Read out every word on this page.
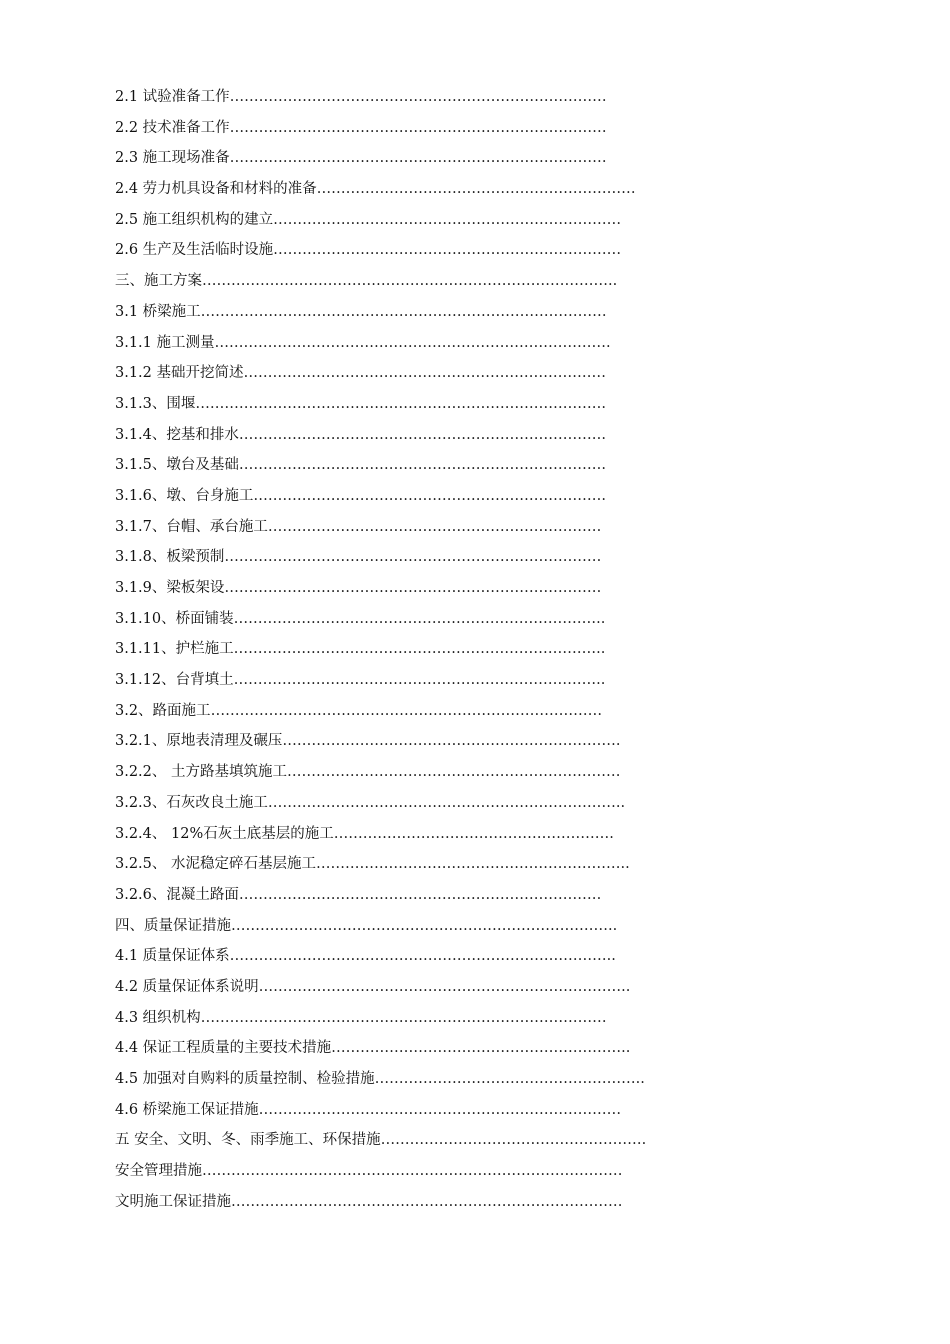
2.1 试验准备工作……………………………………………………………………
2.2 技术准备工作……………………………………………………………………
2.3 施工现场准备……………………………………………………………………
2.4 劳力机具设备和材料的准备…………………………………………………………
2.5 施工组织机构的建立………………………………………………………………
2.6 生产及生活临时设施………………………………………………………………
三、施工方案…………………………………………………………………………..
3.1 桥梁施工…………………………………………………………………………
3.1.1 施工测量……………………………………………………………………….
3.1.2 基础开挖简述…………………………………………………………………
3.1.3、围堰………………………………………………………………………….
3.1.4、挖基和排水………………………………………………………………….
3.1.5、墩台及基础………………………………………………………………….
3.1.6、墩、台身施工……………………………………………………………….
3.1.7、台帽、承台施工……………………………………………………………
3.1.8、板梁预制……………………………………………………………………
3.1.9、梁板架设……………………………………………………………………
3.1.10、桥面铺装…………………………………………………………………..
3.1.11、护栏施工…………………………………………………………………..
3.1.12、台背填土…………………………………………………………………..
3.2、路面施工………………………………………………………………………
3.2.1、原地表清理及碾压…………………………………………………………….
3.2.2、 土方路基填筑施工……………………………………………………………
3.2.3、石灰改良土施工………………………………………………………………..
3.2.4、 12%石灰土底基层的施工………………………………………………….
3.2.5、 水泥稳定碎石基层施工………………………………………………………..
3.2.6、混凝土路面…………………………………………………………………
四、质量保证措施……………………………………………………………………..
4.1 质量保证体系……………………………………………………………………..
4.2 质量保证体系说明…………………………………………………………………..
4.3 组织机构…………………………………………………………………………
4.4 保证工程质量的主要技术措施……………………………………………………..
4.5 加强对自购料的质量控制、检验措施………………………………………………..
4.6 桥梁施工保证措施…………………………………………………………………
五 安全、文明、冬、雨季施工、环保措施……………………………………………….
安全管理措施……………………………………………………………………………
文明施工保证措施………………………………………………………………………
